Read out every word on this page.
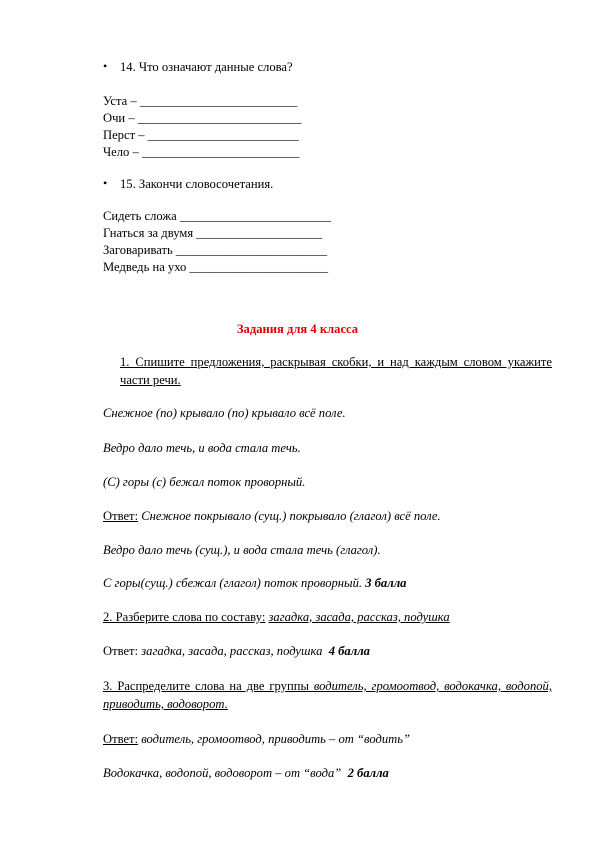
• 14. Что означают данные слова?
Уста – _________________________
Очи – __________________________
Перст – ________________________
Чело – _________________________
• 15. Закончи словосочетания.
Сидеть сложа ________________________
Гнаться за двумя ____________________
Заговаривать ________________________
Медведь на ухо ______________________
Задания для 4 класса
1. Спишите предложения, раскрывая скобки, и над каждым словом укажите части речи.
Снежное (по) крывало (по) крывало всё поле.
Ведро дало течь, и вода стала течь.
(С) горы (с) бежал поток проворный.
Ответ: Снежное покрывало (сущ.) покрывало (глагол) всё поле.
Ведро дало течь (сущ.), и вода стала течь (глагол).
С горы(сущ.) сбежал (глагол) поток проворный. 3 балла
2. Разберите слова по составу: загадка, засада, рассказ, подушка
Ответ: загадка, засада, рассказ, подушка 4 балла
3. Распределите слова на две группы водитель, громоотвод, водокачка, водопой, приводить, водоворот.
Ответ: водитель, громоотвод, приводить – от “водить”
Водокачка, водопой, водоворот – от “вода” 2 балла
